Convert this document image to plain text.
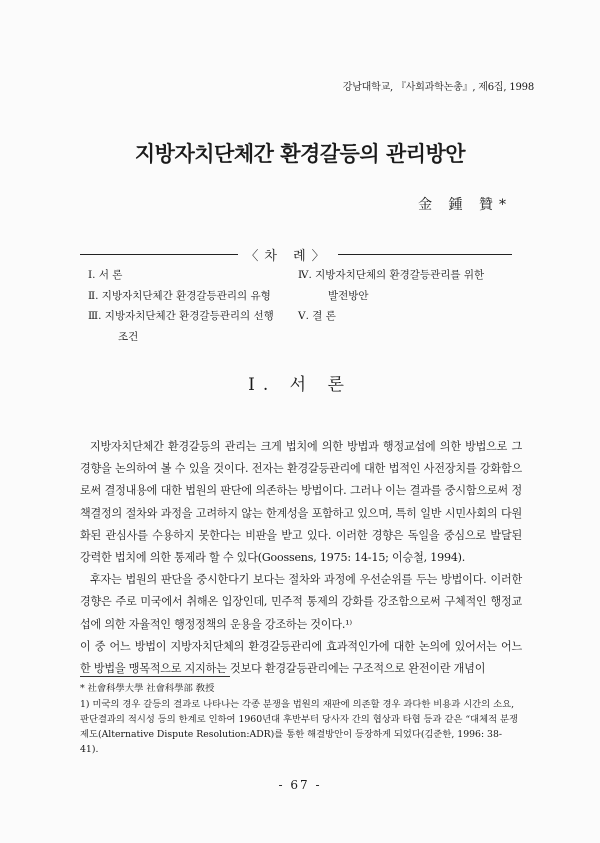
강남대학교, 『사회과학논총』, 제6집, 1998
지방자치단체간 환경갈등의 관리방안
金 鍾 贊*
〈차 례〉
Ⅰ. 서 론
Ⅱ. 지방자치단체간 환경갈등관리의 유형
Ⅲ. 지방자치단체간 환경갈등관리의 선행
조건
Ⅳ. 지방자치단체의 환경갈등관리를 위한
발전방안
Ⅴ. 결 론
Ⅰ. 서 론

지방자치단체간 환경갈등의 관리는 크게 법치에 의한 방법과 행정교섭에 의한 방법으로 그 경향을 논의하여 볼 수 있을 것이다. 전자는 환경갈등관리에 대한 법적인 사전장치를 강화함으로써 결정내용에 대한 법원의 판단에 의존하는 방법이다. 그러나 이는 결과를 중시함으로써 정책결정의 절차와 과정을 고려하지 않는 한계성을 포함하고 있으며, 특히 일반 시민사회의 다원화된 관심사를 수용하지 못한다는 비판을 받고 있다. 이러한 경향은 독일을 중심으로 발달된 강력한 법치에 의한 통제라 할 수 있다(Goossens, 1975: 14-15; 이승철, 1994).

후자는 법원의 판단을 중시한다기 보다는 절차와 과정에 우선순위를 두는 방법이다. 이러한 경향은 주로 미국에서 취해온 입장인데, 민주적 통제의 강화를 강조함으로써 구체적인 행정교섭에 의한 자율적인 행정정책의 운용을 강조하는 것이다.¹⁾

이 중 어느 방법이 지방자치단체의 환경갈등관리에 효과적인가에 대한 논의에 있어서는 어느 한 방법을 맹목적으로 지지하는 것보다 환경갈등관리에는 구조적으로 완전이란 개념이

* 社會科學大學 社會科學部 敎授
1) 미국의 경우 갈등의 결과로 나타나는 각종 분쟁을 법원의 재판에 의존할 경우 과다한 비용과 시간의 소요, 판단결과의 적시성 등의 한계로 인하여 1960년대 후반부터 당사자 간의 협상과 타협 등과 같은 “대체적 분쟁제도(Alternative Dispute Resolution:ADR)를 통한 해결방안이 등장하게 되었다(김준한, 1996: 38-41).
- 67 -
